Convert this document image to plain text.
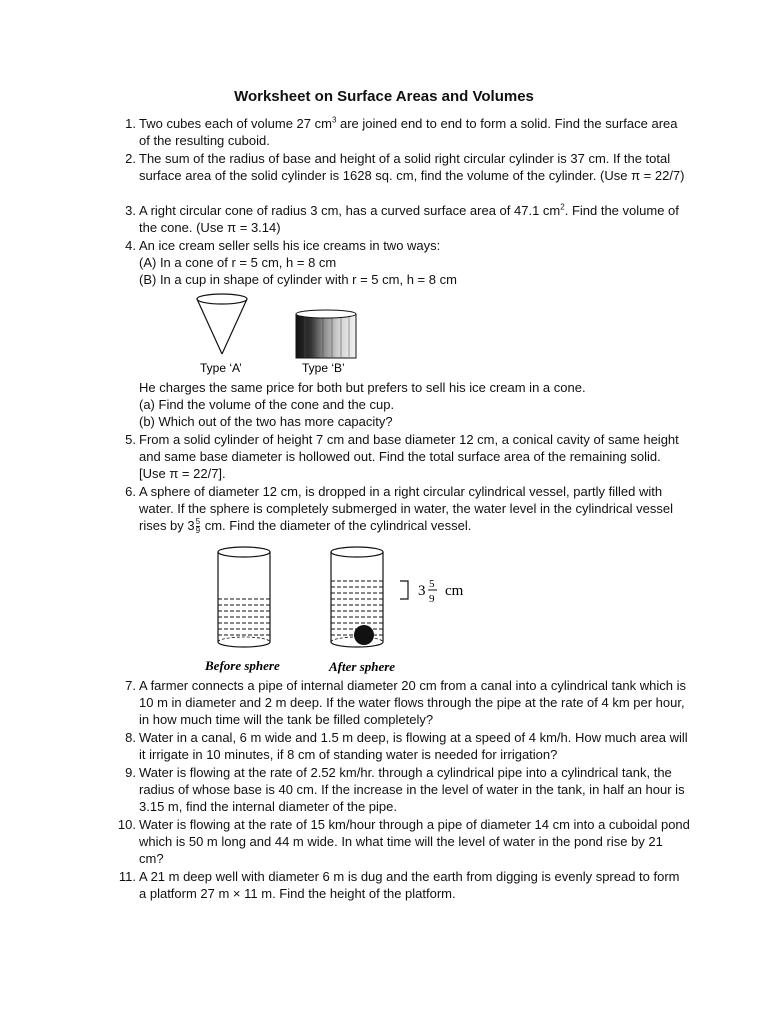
Worksheet on Surface Areas and Volumes
1. Two cubes each of volume 27 $cm^3$ are joined end to end to form a solid. Find the surface area of the resulting cuboid.

2. The sum of the radius of base and height of a solid right circular cylinder is 37 cm. If the total surface area of the solid cylinder is 1628 sq. cm, find the volume of the cylinder. (Use π = 22/7)

3. A right circular cone of radius 3 cm, has a curved surface area of 47.1 $cm^2$. Find the volume of the cone. (Use π = 3.14)

4. An ice cream seller sells his ice creams in two ways:

(A) In a cone of r = 5 cm, h = 8 cm

(B) In a cup in shape of cylinder with r = 5 cm, h = 8 cm

Type ‘A’	Type ‘B’

He charges the same price for both but prefers to sell his ice cream in a cone.

(a) Find the volume of the cone and the cup.

(b) Which out of the two has more capacity?

5. From a solid cylinder of height 7 cm and base diameter 12 cm, a conical cavity of same height and same base diameter is hollowed out. Find the total surface area of the remaining solid. [Use π = 22/7].

6. A sphere of diameter 12 cm, is dropped in a right circular cylindrical vessel, partly filled with water. If the sphere is completely submerged in water, the water level in the cylindrical vessel rises by $3 \frac{5}{9}$ cm. Find the diameter of the cylindrical vessel.

3 5
9 cm
Before sphere	After sphere
7. A farmer connects a pipe of internal diameter 20 cm from a canal into a cylindrical tank which is 10 m in diameter and 2 m deep. If the water flows through the pipe at the rate of 4 km per hour, in how much time will the tank be filled completely?

8. Water in a canal, 6 m wide and 1.5 m deep, is flowing at a speed of 4 km/h. How much area will it irrigate in 10 minutes, if 8 cm of standing water is needed for irrigation?

9. Water is flowing at the rate of 2.52 km/hr. through a cylindrical pipe into a cylindrical tank, the radius of whose base is 40 cm. If the increase in the level of water in the tank, in half an hour is 3.15 m, find the internal diameter of the pipe.

10. Water is flowing at the rate of 15 km/hour through a pipe of diameter 14 cm into a cuboidal pond which is 50 m long and 44 m wide. In what time will the level of water in the pond rise by 21 cm?

11. A 21 m deep well with diameter 6 m is dug and the earth from digging is evenly spread to form a platform 27 m × 11 m. Find the height of the platform.
